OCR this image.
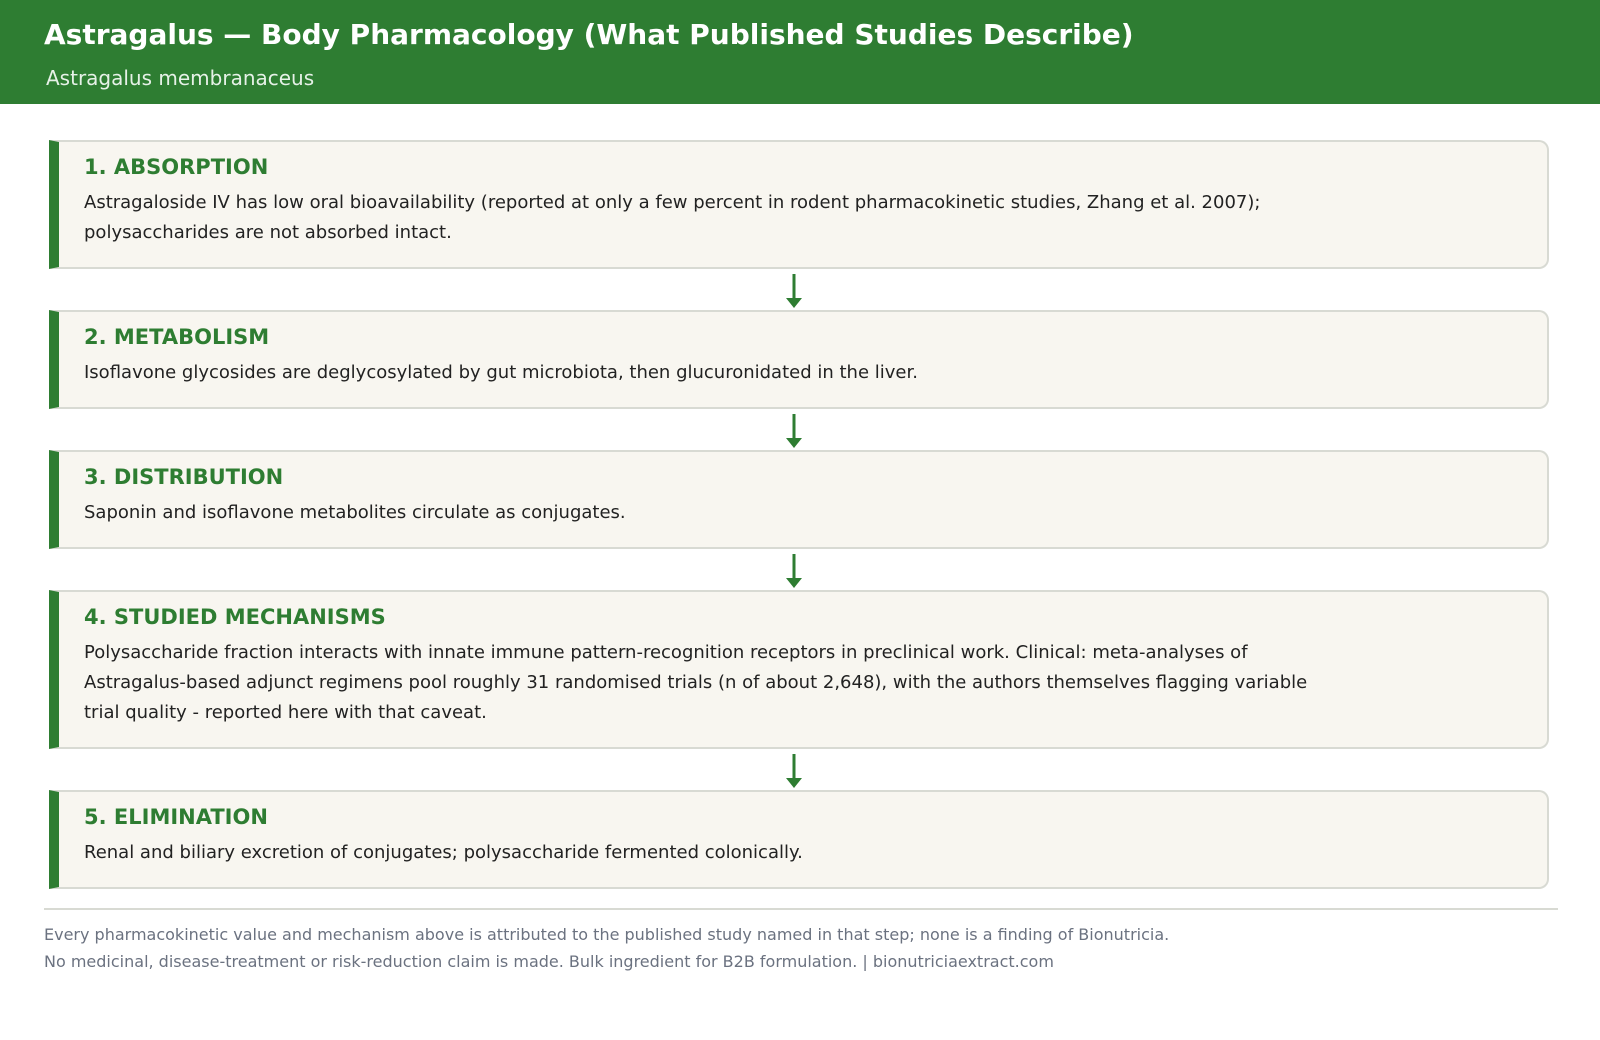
Astragalus — Body Pharmacology (What Published Studies Describe)
Astragalus membranaceus
1. ABSORPTION
Astragaloside IV has low oral bioavailability (reported at only a few percent in rodent pharmacokinetic studies, Zhang et al. 2007); polysaccharides are not absorbed intact.
2. METABOLISM
Isoflavone glycosides are deglycosylated by gut microbiota, then glucuronidated in the liver.
3. DISTRIBUTION
Saponin and isoflavone metabolites circulate as conjugates.
4. STUDIED MECHANISMS
Polysaccharide fraction interacts with innate immune pattern-recognition receptors in preclinical work. Clinical: meta-analyses of Astragalus-based adjunct regimens pool roughly 31 randomised trials (n of about 2,648), with the authors themselves flagging variable trial quality - reported here with that caveat.
5. ELIMINATION
Renal and biliary excretion of conjugates; polysaccharide fermented colonically.
Every pharmacokinetic value and mechanism above is attributed to the published study named in that step; none is a finding of Bionutricia.
No medicinal, disease-treatment or risk-reduction claim is made. Bulk ingredient for B2B formulation. | bionutriciaextract.com
